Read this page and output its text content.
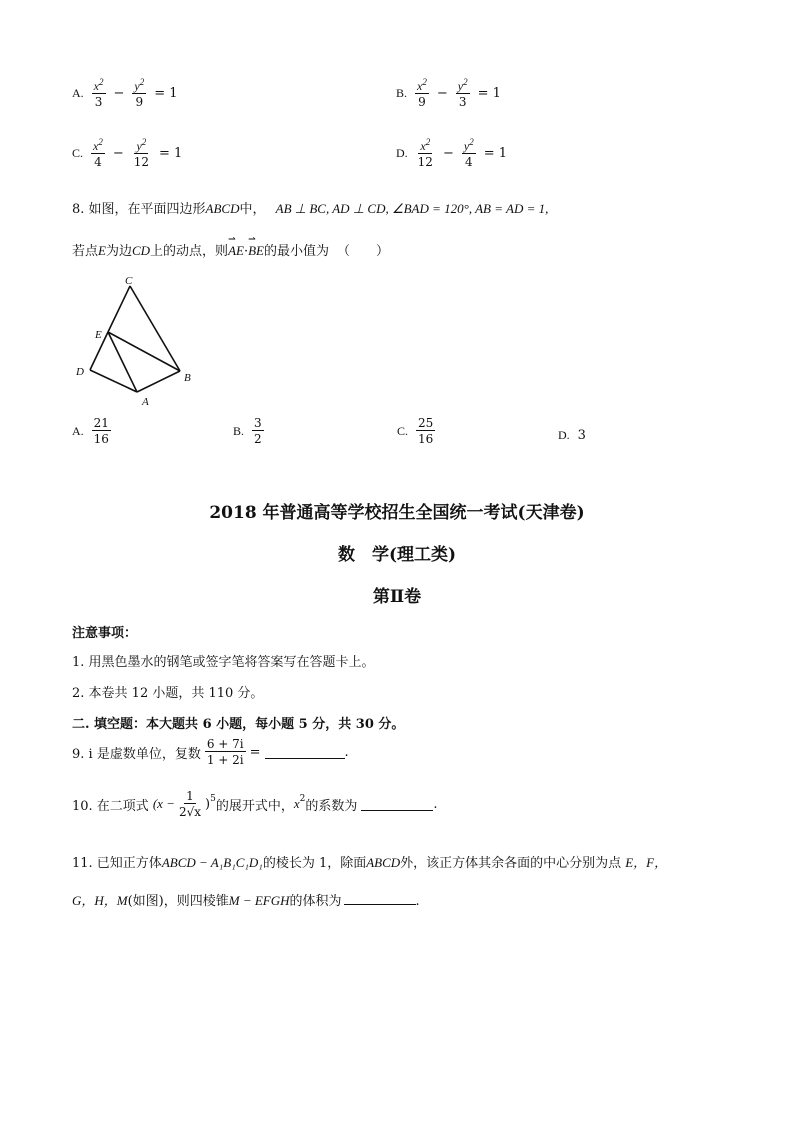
A. $\frac{x^2}{3} - \frac{y^2}{9} = 1$	B. $\frac{x^2}{9} - \frac{y^2}{3} = 1$
C. $\frac{x^2}{4} - \frac{y^2}{12} = 1$	D. $\frac{x^2}{12} - \frac{y^2}{4} = 1$
8. 如图，在平面四边形ABCD中， AB ⊥ BC, AD ⊥ CD, ∠BAD = 120°, AB = AD = 1,
若点E为边CD上的动点，则⇀ AE·⇀ BE的最小值为 （　　）
C
E
D
A
B
A. $\frac{21}{16}$	B. $\frac{3}{2}$	C. $\frac{25}{16}$	D. 3
2018 年普通高等学校招生全国统一考试(天津卷)
数　学(理工类)
第Ⅱ卷
注意事项：
1. 用黑色墨水的钢笔或签字笔将答案写在答题卡上。
2. 本卷共 12 小题，共 110 分。
二. 填空题：本大题共 6 小题，每小题 5 分，共 30 分。
9. i 是虚数单位，复数 $\frac{6 + 7i}{1 + 2i}$ =	.
10. 在二项式 $(x - \frac{1}{2√x} )^5$ 的展开式中， $x^2$ 的系数为	.
11. 已知正方体ABCD − A₁B₁C₁D₁的棱长为 1，除面ABCD外，该正方体其余各面的中心分别为点 E，F，
G，H，M(如图)，则四棱锥M − EFGH的体积为	.
